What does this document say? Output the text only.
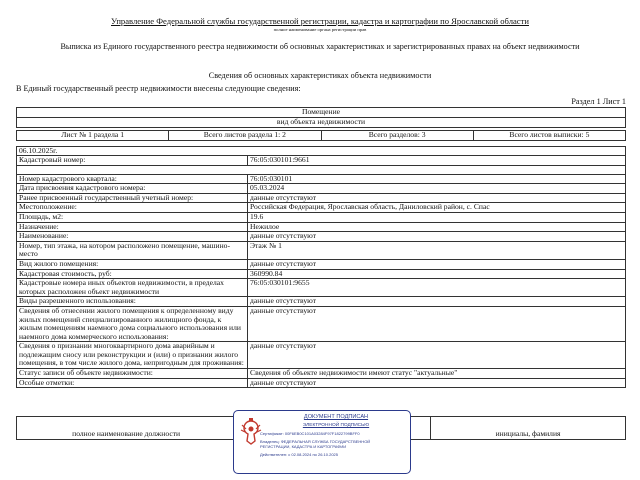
Управление Федеральной службы государственной регистрации, кадастра и картографии по Ярославской области
полное наименование органа регистрации прав
Выписка из Единого государственного реестра недвижимости об основных характеристиках и зарегистрированных правах на объект недвижимости
Сведения об основных характеристиках объекта недвижимости
В Единый государственный реестр недвижимости внесены следующие сведения:
Раздел 1 Лист 1
Помещение
вид объекта недвижимости
Лист № 1 раздела 1	Всего листов раздела 1: 2	Всего разделов: 3	Всего листов выписки: 5
06.10.2025г.
Кадастровый номер:	76:05:030101:9661

Номер кадастрового квартала:	76:05:030101
Дата присвоения кадастрового номера:	05.03.2024
Ранее присвоенный государственный учетный номер:	данные отсутствуют
Местоположение:	Российская Федерация, Ярославская область, Даниловский район, с. Спас
Площадь, м2:	19.6
Назначение:	Нежилое
Наименование:	данные отсутствуют
Номер, тип этажа, на котором расположено помещение, машино-место	Этаж № 1
Вид жилого помещения:	данные отсутствуют
Кадастровая стоимость, руб:	360990.84
Кадастровые номера иных объектов недвижимости, в пределах которых расположен объект недвижимости	76:05:030101:9655
Виды разрешенного использования:	данные отсутствуют
Сведения об отнесении жилого помещения к определенному виду жилых помещений специализированного жилищного фонда, к жилым помещениям наемного дома социального использования или наемного дома коммерческого использования:	данные отсутствуют
Сведения о признании многоквартирного дома аварийным и подлежащим сносу или реконструкции и (или) о признании жилого помещения, в том числе жилого дома, непригодным для проживания:	данные отсутствуют
Статус записи об объекте недвижимости:	Сведения об объекте недвижимости имеют статус "актуальные"
Особые отметки:	данные отсутствуют
полное наименование должности		инициалы, фамилия
ДОКУМЕНТ ПОДПИСАН
ЭЛЕКТРОННОЙ ПОДПИСЬЮ
Сертификат: 00F6EB0C101A03284F97F1822799BFF0
Владелец: ФЕДЕРАЛЬНАЯ СЛУЖБА ГОСУДАРСТВЕННОЙ
РЕГИСТРАЦИИ, КАДАСТРА И КАРТОГРАФИИ
Действителен: с 02.08.2024 по 26.10.2025
